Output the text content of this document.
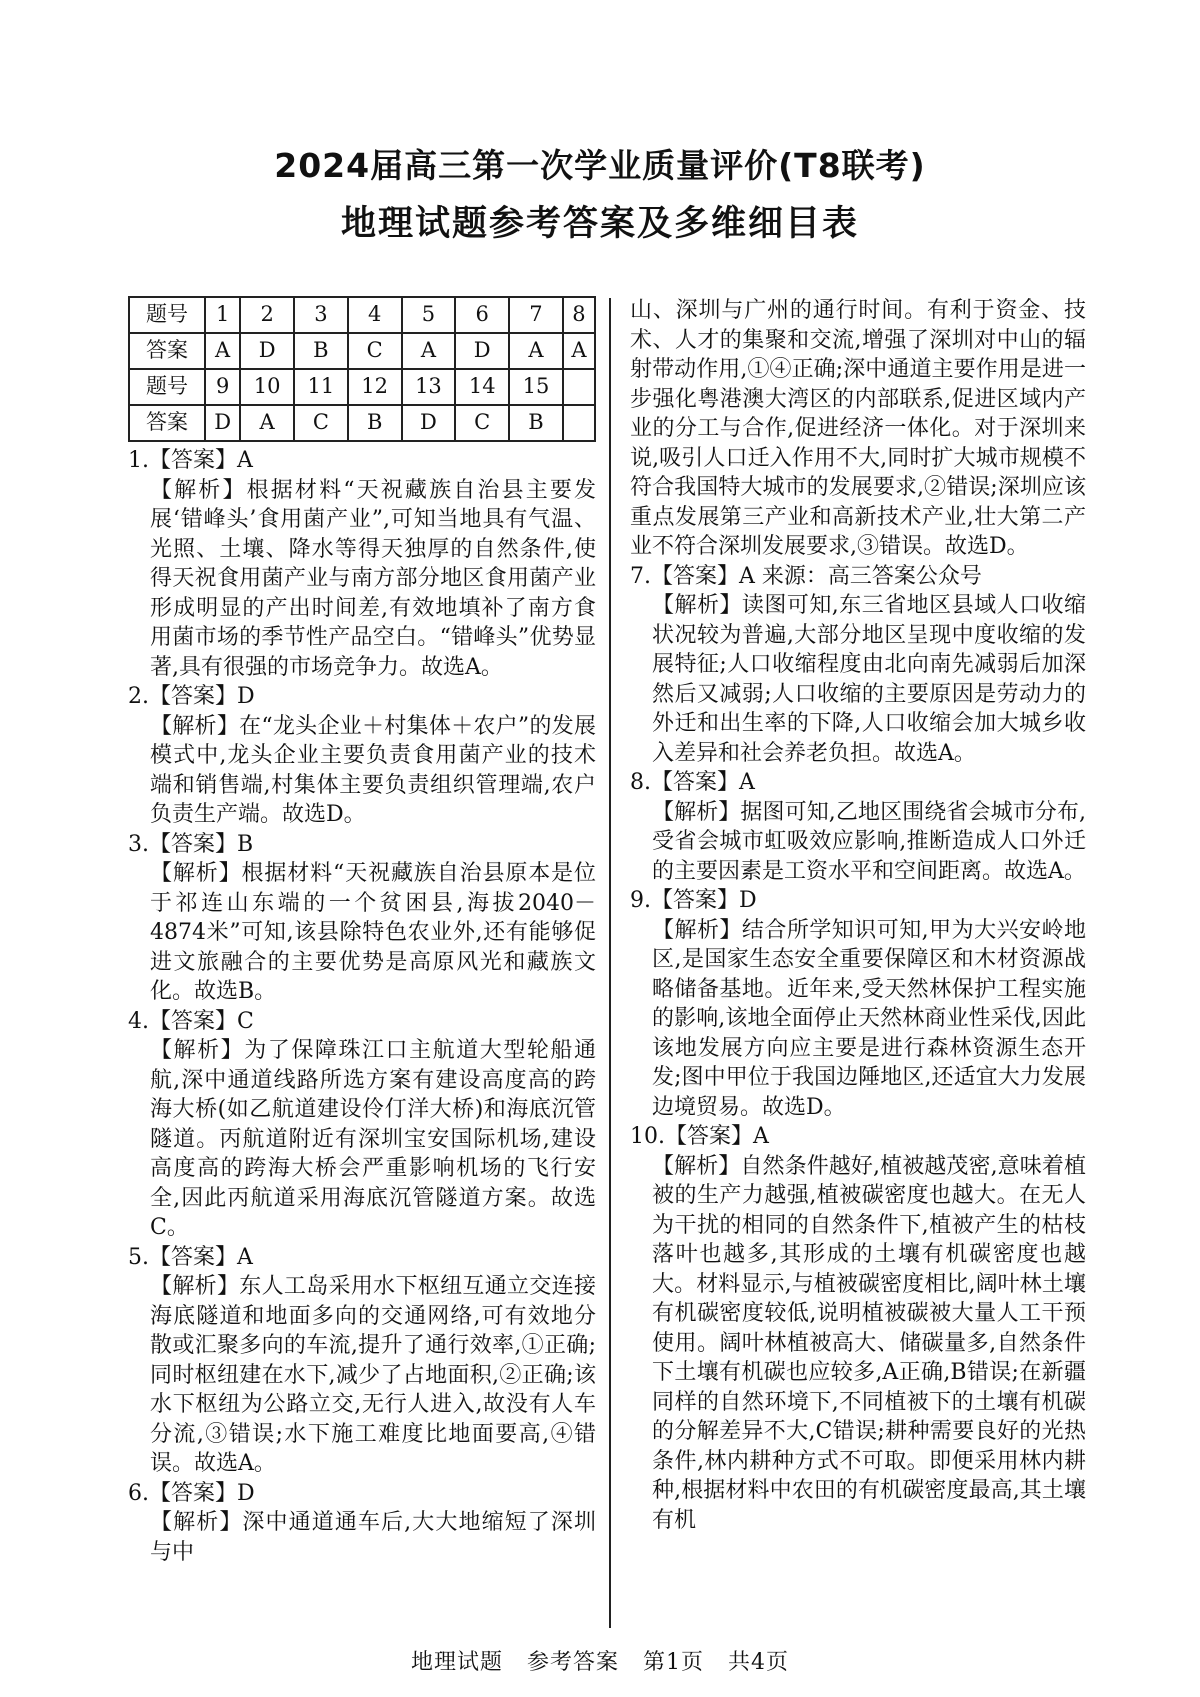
2024届高三第一次学业质量评价(T8联考)
地理试题参考答案及多维细目表
题号	1	2	3	4	5	6	7	8
答案	A	D	B	C	A	D	A	A
题号	9	10	11	12	13	14	15	
答案	D	A	C	B	D	C	B	
1.【答案】A
【解析】根据材料“天祝藏族自治县主要发展‘错峰头’食用菌产业”,可知当地具有气温、光照、土壤、降水等得天独厚的自然条件,使得天祝食用菌产业与南方部分地区食用菌产业形成明显的产出时间差,有效地填补了南方食用菌市场的季节性产品空白。“错峰头”优势显著,具有很强的市场竞争力。故选A。
2.【答案】D
【解析】在“龙头企业＋村集体＋农户”的发展模式中,龙头企业主要负责食用菌产业的技术端和销售端,村集体主要负责组织管理端,农户负责生产端。故选D。
3.【答案】B
【解析】根据材料“天祝藏族自治县原本是位于祁连山东端的一个贫困县,海拔2040－4874米”可知,该县除特色农业外,还有能够促进文旅融合的主要优势是高原风光和藏族文化。故选B。
4.【答案】C
【解析】为了保障珠江口主航道大型轮船通航,深中通道线路所选方案有建设高度高的跨海大桥(如乙航道建设伶仃洋大桥)和海底沉管隧道。丙航道附近有深圳宝安国际机场,建设高度高的跨海大桥会严重影响机场的飞行安全,因此丙航道采用海底沉管隧道方案。故选C。
5.【答案】A
【解析】东人工岛采用水下枢纽互通立交连接海底隧道和地面多向的交通网络,可有效地分散或汇聚多向的车流,提升了通行效率,①正确;同时枢纽建在水下,减少了占地面积,②正确;该水下枢纽为公路立交,无行人进入,故没有人车分流,③错误;水下施工难度比地面要高,④错误。故选A。
6.【答案】D
【解析】深中通道通车后,大大地缩短了深圳与中
山、深圳与广州的通行时间。有利于资金、技术、人才的集聚和交流,增强了深圳对中山的辐射带动作用,①④正确;深中通道主要作用是进一步强化粤港澳大湾区的内部联系,促进区域内产业的分工与合作,促进经济一体化。对于深圳来说,吸引人口迁入作用不大,同时扩大城市规模不符合我国特大城市的发展要求,②错误;深圳应该重点发展第三产业和高新技术产业,壮大第二产业不符合深圳发展要求,③错误。故选D。
7.【答案】A 来源：高三答案公众号
【解析】读图可知,东三省地区县域人口收缩状况较为普遍,大部分地区呈现中度收缩的发展特征;人口收缩程度由北向南先减弱后加深然后又减弱;人口收缩的主要原因是劳动力的外迁和出生率的下降,人口收缩会加大城乡收入差异和社会养老负担。故选A。
8.【答案】A
【解析】据图可知,乙地区围绕省会城市分布,受省会城市虹吸效应影响,推断造成人口外迁的主要因素是工资水平和空间距离。故选A。
9.【答案】D
【解析】结合所学知识可知,甲为大兴安岭地区,是国家生态安全重要保障区和木材资源战略储备基地。近年来,受天然林保护工程实施的影响,该地全面停止天然林商业性采伐,因此该地发展方向应主要是进行森林资源生态开发;图中甲位于我国边陲地区,还适宜大力发展边境贸易。故选D。
10.【答案】A
【解析】自然条件越好,植被越茂密,意味着植被的生产力越强,植被碳密度也越大。在无人为干扰的相同的自然条件下,植被产生的枯枝落叶也越多,其形成的土壤有机碳密度也越大。材料显示,与植被碳密度相比,阔叶林土壤有机碳密度较低,说明植被碳被大量人工干预使用。阔叶林植被高大、储碳量多,自然条件下土壤有机碳也应较多,A正确,B错误;在新疆同样的自然环境下,不同植被下的土壤有机碳的分解差异不大,C错误;耕种需要良好的光热条件,林内耕种方式不可取。即便采用林内耕种,根据材料中农田的有机碳密度最高,其土壤有机
地理试题 参考答案 第1页 共4页
